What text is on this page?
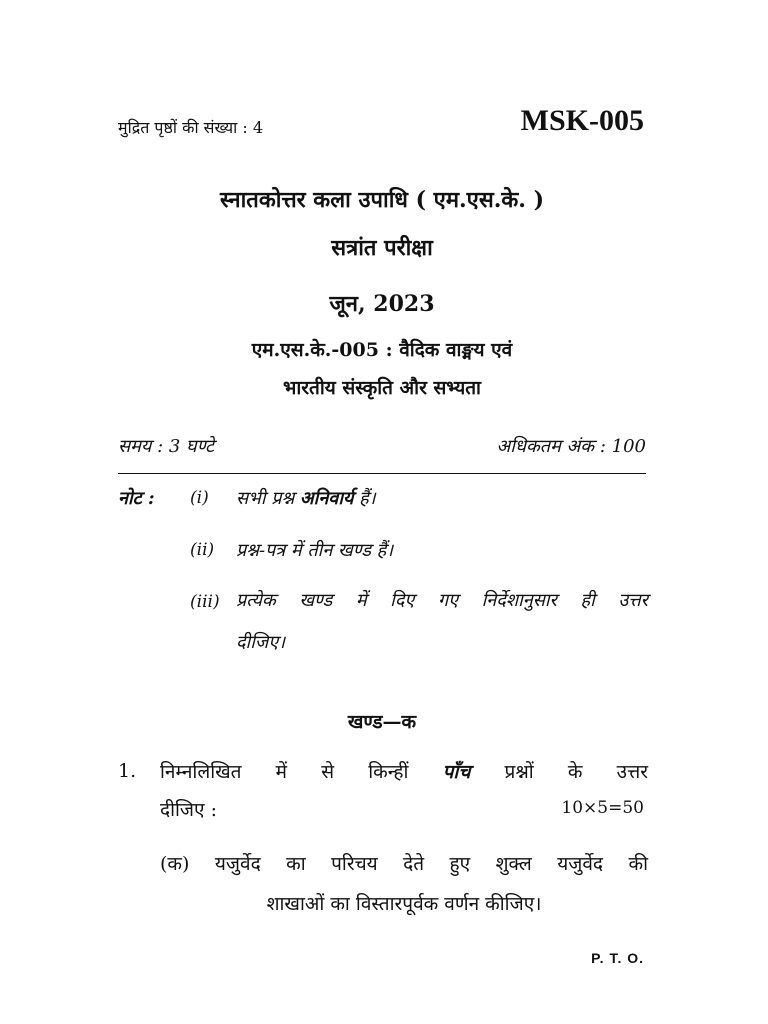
मुद्रित पृष्ठों की संख्या : 4	MSK-005
स्नातकोत्तर कला उपाधि ( एम.एस.के. )
सत्रांत परीक्षा
जून, 2023
एम.एस.के.-005 : वैदिक वाङ्मय एवं
भारतीय संस्कृति और सभ्यता
समय : 3 घण्टे	अधिकतम अंक : 100
नोट : (i) सभी प्रश्न अनिवार्य हैं।
(ii) प्रश्न-पत्र में तीन खण्ड हैं।
(iii) प्रत्येक खण्ड में दिए गए निर्देशानुसार ही उत्तर
दीजिए।
खण्ड—क
1. निम्नलिखित में से किन्हीं पाँच प्रश्नों के उत्तर
दीजिए :	10×5=50
(क) यजुर्वेद का परिचय देते हुए शुक्ल यजुर्वेद की
शाखाओं का विस्तारपूर्वक वर्णन कीजिए।
P. T. O.
